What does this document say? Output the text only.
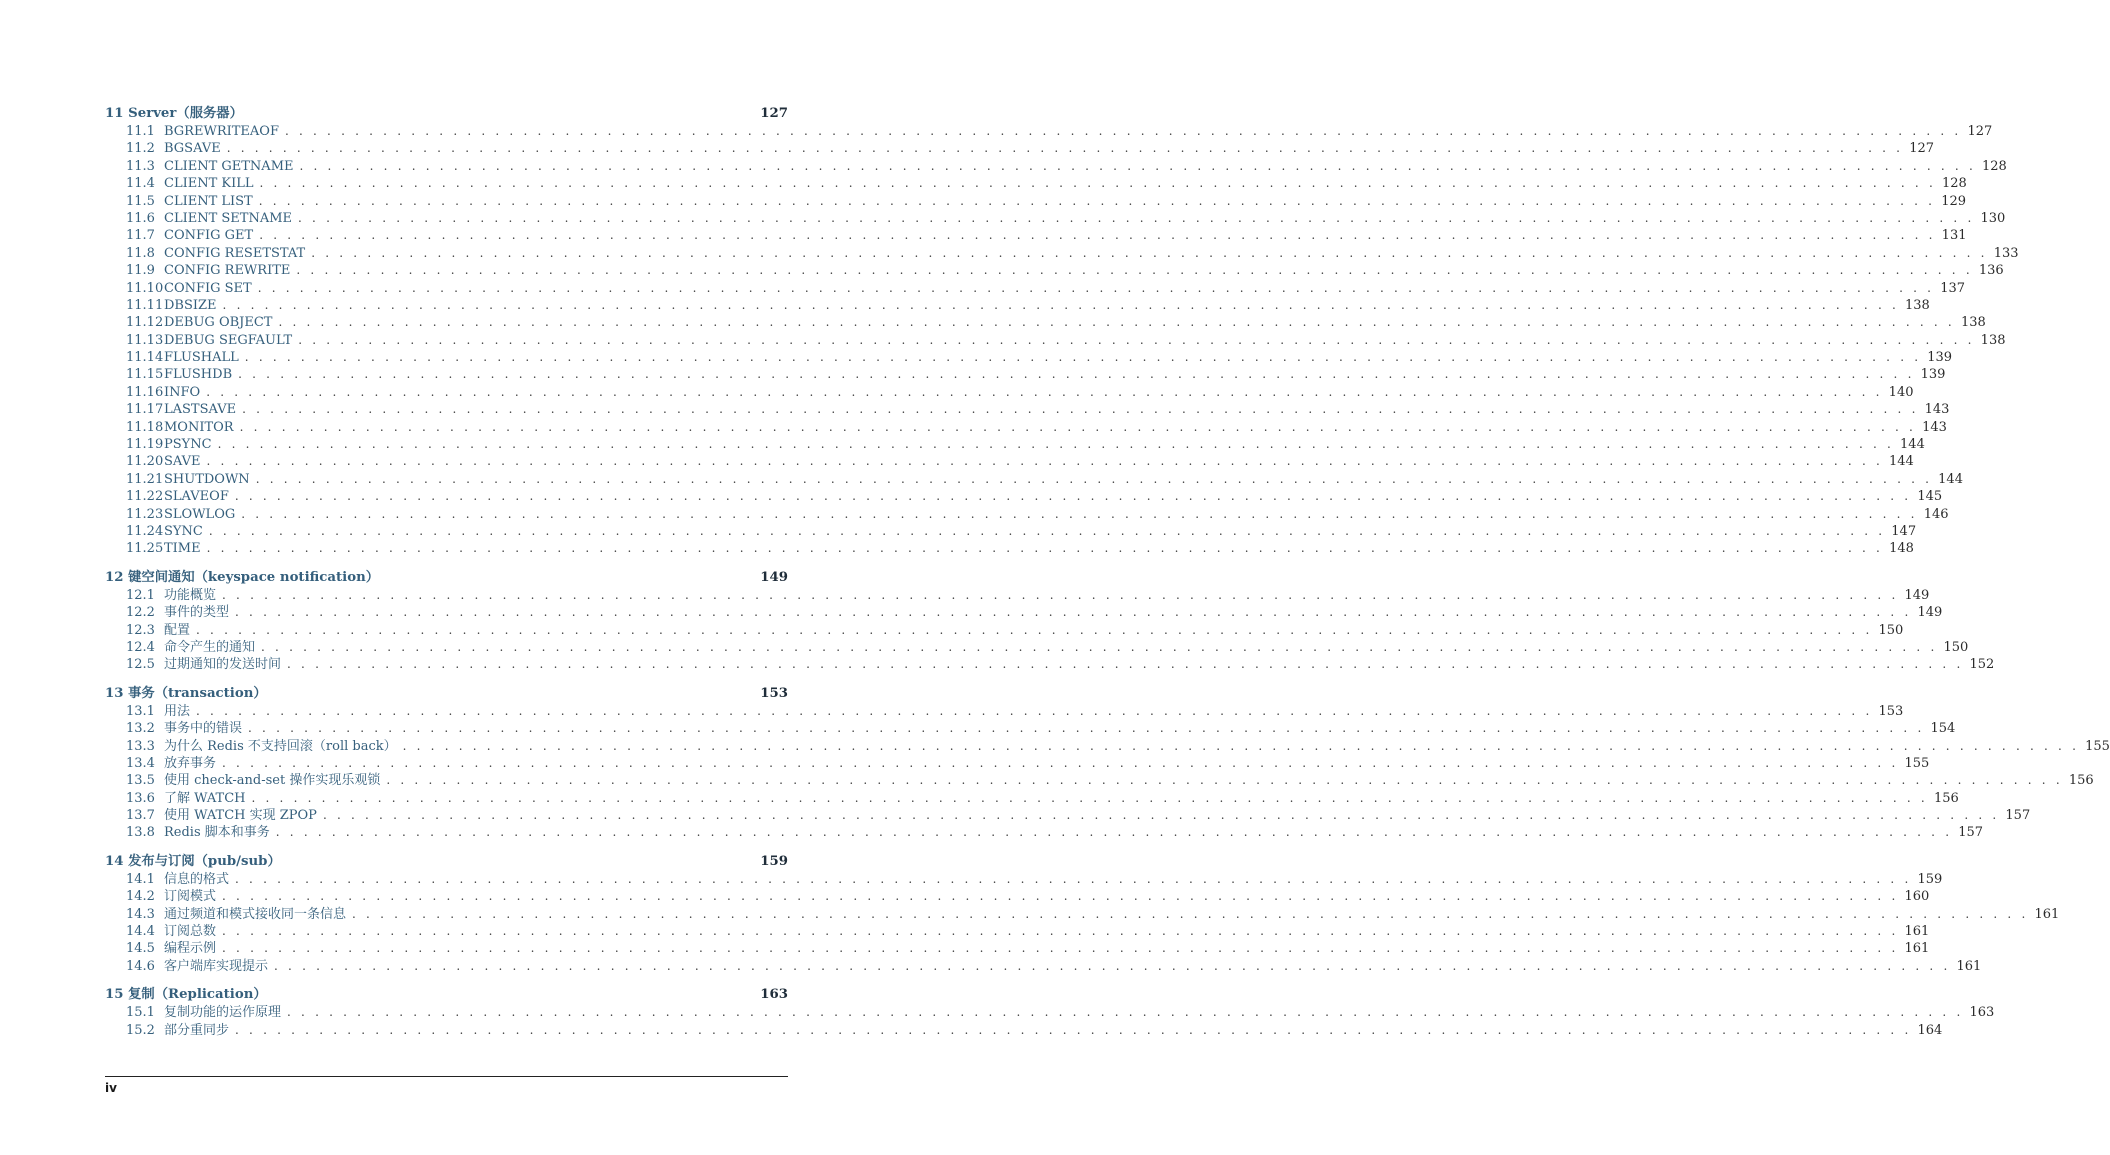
11 Server（服务器）	127
11.1 BGREWRITEAOF . . . . . . . . . . . . . . . . . . . . . . . . . . . . . . . . . . . . . . . . . . . . . . . . . . . . . . . . . . . . . . . . . . . . . . . . . . . . . . . . . . . . . . . . . . . . . . . . . . . . . . . . . . . . . . . . . . . . . . . . 127
11.2 BGSAVE . . . . . . . . . . . . . . . . . . . . . . . . . . . . . . . . . . . . . . . . . . . . . . . . . . . . . . . . . . . . . . . . . . . . . . . . . . . . . . . . . . . . . . . . . . . . . . . . . . . . . . . . . . . . . . . . . . . . . . . . 127
11.3 CLIENT GETNAME . . . . . . . . . . . . . . . . . . . . . . . . . . . . . . . . . . . . . . . . . . . . . . . . . . . . . . . . . . . . . . . . . . . . . . . . . . . . . . . . . . . . . . . . . . . . . . . . . . . . . . . . . . . . . . . . . . . . . . . . 128
11.4 CLIENT KILL . . . . . . . . . . . . . . . . . . . . . . . . . . . . . . . . . . . . . . . . . . . . . . . . . . . . . . . . . . . . . . . . . . . . . . . . . . . . . . . . . . . . . . . . . . . . . . . . . . . . . . . . . . . . . . . . . . . . . . . . 128
11.5 CLIENT LIST . . . . . . . . . . . . . . . . . . . . . . . . . . . . . . . . . . . . . . . . . . . . . . . . . . . . . . . . . . . . . . . . . . . . . . . . . . . . . . . . . . . . . . . . . . . . . . . . . . . . . . . . . . . . . . . . . . . . . . . . 129
11.6 CLIENT SETNAME . . . . . . . . . . . . . . . . . . . . . . . . . . . . . . . . . . . . . . . . . . . . . . . . . . . . . . . . . . . . . . . . . . . . . . . . . . . . . . . . . . . . . . . . . . . . . . . . . . . . . . . . . . . . . . . . . . . . . . . . 130
11.7 CONFIG GET . . . . . . . . . . . . . . . . . . . . . . . . . . . . . . . . . . . . . . . . . . . . . . . . . . . . . . . . . . . . . . . . . . . . . . . . . . . . . . . . . . . . . . . . . . . . . . . . . . . . . . . . . . . . . . . . . . . . . . . . 131
11.8 CONFIG RESETSTAT . . . . . . . . . . . . . . . . . . . . . . . . . . . . . . . . . . . . . . . . . . . . . . . . . . . . . . . . . . . . . . . . . . . . . . . . . . . . . . . . . . . . . . . . . . . . . . . . . . . . . . . . . . . . . . . . . . . . . . . . 133
11.9 CONFIG REWRITE . . . . . . . . . . . . . . . . . . . . . . . . . . . . . . . . . . . . . . . . . . . . . . . . . . . . . . . . . . . . . . . . . . . . . . . . . . . . . . . . . . . . . . . . . . . . . . . . . . . . . . . . . . . . . . . . . . . . . . . . 136
11.10 CONFIG SET . . . . . . . . . . . . . . . . . . . . . . . . . . . . . . . . . . . . . . . . . . . . . . . . . . . . . . . . . . . . . . . . . . . . . . . . . . . . . . . . . . . . . . . . . . . . . . . . . . . . . . . . . . . . . . . . . . . . . . . . 137
11.11 DBSIZE . . . . . . . . . . . . . . . . . . . . . . . . . . . . . . . . . . . . . . . . . . . . . . . . . . . . . . . . . . . . . . . . . . . . . . . . . . . . . . . . . . . . . . . . . . . . . . . . . . . . . . . . . . . . . . . . . . . . . . . . 138
11.12 DEBUG OBJECT . . . . . . . . . . . . . . . . . . . . . . . . . . . . . . . . . . . . . . . . . . . . . . . . . . . . . . . . . . . . . . . . . . . . . . . . . . . . . . . . . . . . . . . . . . . . . . . . . . . . . . . . . . . . . . . . . . . . . . . . 138
11.13 DEBUG SEGFAULT . . . . . . . . . . . . . . . . . . . . . . . . . . . . . . . . . . . . . . . . . . . . . . . . . . . . . . . . . . . . . . . . . . . . . . . . . . . . . . . . . . . . . . . . . . . . . . . . . . . . . . . . . . . . . . . . . . . . . . . . 138
11.14 FLUSHALL . . . . . . . . . . . . . . . . . . . . . . . . . . . . . . . . . . . . . . . . . . . . . . . . . . . . . . . . . . . . . . . . . . . . . . . . . . . . . . . . . . . . . . . . . . . . . . . . . . . . . . . . . . . . . . . . . . . . . . . . 139
11.15 FLUSHDB . . . . . . . . . . . . . . . . . . . . . . . . . . . . . . . . . . . . . . . . . . . . . . . . . . . . . . . . . . . . . . . . . . . . . . . . . . . . . . . . . . . . . . . . . . . . . . . . . . . . . . . . . . . . . . . . . . . . . . . . 139
11.16 INFO . . . . . . . . . . . . . . . . . . . . . . . . . . . . . . . . . . . . . . . . . . . . . . . . . . . . . . . . . . . . . . . . . . . . . . . . . . . . . . . . . . . . . . . . . . . . . . . . . . . . . . . . . . . . . . . . . . . . . . . . 140
11.17 LASTSAVE . . . . . . . . . . . . . . . . . . . . . . . . . . . . . . . . . . . . . . . . . . . . . . . . . . . . . . . . . . . . . . . . . . . . . . . . . . . . . . . . . . . . . . . . . . . . . . . . . . . . . . . . . . . . . . . . . . . . . . . . 143
11.18 MONITOR . . . . . . . . . . . . . . . . . . . . . . . . . . . . . . . . . . . . . . . . . . . . . . . . . . . . . . . . . . . . . . . . . . . . . . . . . . . . . . . . . . . . . . . . . . . . . . . . . . . . . . . . . . . . . . . . . . . . . . . . 143
11.19 PSYNC . . . . . . . . . . . . . . . . . . . . . . . . . . . . . . . . . . . . . . . . . . . . . . . . . . . . . . . . . . . . . . . . . . . . . . . . . . . . . . . . . . . . . . . . . . . . . . . . . . . . . . . . . . . . . . . . . . . . . . . . 144
11.20 SAVE . . . . . . . . . . . . . . . . . . . . . . . . . . . . . . . . . . . . . . . . . . . . . . . . . . . . . . . . . . . . . . . . . . . . . . . . . . . . . . . . . . . . . . . . . . . . . . . . . . . . . . . . . . . . . . . . . . . . . . . . 144
11.21 SHUTDOWN . . . . . . . . . . . . . . . . . . . . . . . . . . . . . . . . . . . . . . . . . . . . . . . . . . . . . . . . . . . . . . . . . . . . . . . . . . . . . . . . . . . . . . . . . . . . . . . . . . . . . . . . . . . . . . . . . . . . . . . . 144
11.22 SLAVEOF . . . . . . . . . . . . . . . . . . . . . . . . . . . . . . . . . . . . . . . . . . . . . . . . . . . . . . . . . . . . . . . . . . . . . . . . . . . . . . . . . . . . . . . . . . . . . . . . . . . . . . . . . . . . . . . . . . . . . . . . 145
11.23 SLOWLOG . . . . . . . . . . . . . . . . . . . . . . . . . . . . . . . . . . . . . . . . . . . . . . . . . . . . . . . . . . . . . . . . . . . . . . . . . . . . . . . . . . . . . . . . . . . . . . . . . . . . . . . . . . . . . . . . . . . . . . . . 146
11.24 SYNC . . . . . . . . . . . . . . . . . . . . . . . . . . . . . . . . . . . . . . . . . . . . . . . . . . . . . . . . . . . . . . . . . . . . . . . . . . . . . . . . . . . . . . . . . . . . . . . . . . . . . . . . . . . . . . . . . . . . . . . . 147
11.25 TIME . . . . . . . . . . . . . . . . . . . . . . . . . . . . . . . . . . . . . . . . . . . . . . . . . . . . . . . . . . . . . . . . . . . . . . . . . . . . . . . . . . . . . . . . . . . . . . . . . . . . . . . . . . . . . . . . . . . . . . . . 148
12 键空间通知（keyspace notification）	149
12.1 功能概览 . . . . . . . . . . . . . . . . . . . . . . . . . . . . . . . . . . . . . . . . . . . . . . . . . . . . . . . . . . . . . . . . . . . . . . . . . . . . . . . . . . . . . . . . . . . . . . . . . . . . . . . . . . . . . . . . . . . . . . . . 149
12.2 事件的类型 . . . . . . . . . . . . . . . . . . . . . . . . . . . . . . . . . . . . . . . . . . . . . . . . . . . . . . . . . . . . . . . . . . . . . . . . . . . . . . . . . . . . . . . . . . . . . . . . . . . . . . . . . . . . . . . . . . . . . . . . 149
12.3 配置 . . . . . . . . . . . . . . . . . . . . . . . . . . . . . . . . . . . . . . . . . . . . . . . . . . . . . . . . . . . . . . . . . . . . . . . . . . . . . . . . . . . . . . . . . . . . . . . . . . . . . . . . . . . . . . . . . . . . . . . . 150
12.4 命令产生的通知 . . . . . . . . . . . . . . . . . . . . . . . . . . . . . . . . . . . . . . . . . . . . . . . . . . . . . . . . . . . . . . . . . . . . . . . . . . . . . . . . . . . . . . . . . . . . . . . . . . . . . . . . . . . . . . . . . . . . . . . . 150
12.5 过期通知的发送时间 . . . . . . . . . . . . . . . . . . . . . . . . . . . . . . . . . . . . . . . . . . . . . . . . . . . . . . . . . . . . . . . . . . . . . . . . . . . . . . . . . . . . . . . . . . . . . . . . . . . . . . . . . . . . . . . . . . . . . . . . 152
13 事务（transaction）	153
13.1 用法 . . . . . . . . . . . . . . . . . . . . . . . . . . . . . . . . . . . . . . . . . . . . . . . . . . . . . . . . . . . . . . . . . . . . . . . . . . . . . . . . . . . . . . . . . . . . . . . . . . . . . . . . . . . . . . . . . . . . . . . . 153
13.2 事务中的错误 . . . . . . . . . . . . . . . . . . . . . . . . . . . . . . . . . . . . . . . . . . . . . . . . . . . . . . . . . . . . . . . . . . . . . . . . . . . . . . . . . . . . . . . . . . . . . . . . . . . . . . . . . . . . . . . . . . . . . . . . 154
13.3 为什么 Redis 不支持回滚（roll back） . . . . . . . . . . . . . . . . . . . . . . . . . . . . . . . . . . . . . . . . . . . . . . . . . . . . . . . . . . . . . . . . . . . . . . . . . . . . . . . . . . . . . . . . . . . . . . . . . . . . . . . . . . . . . . . . . . . . . . . . 155
13.4 放弃事务 . . . . . . . . . . . . . . . . . . . . . . . . . . . . . . . . . . . . . . . . . . . . . . . . . . . . . . . . . . . . . . . . . . . . . . . . . . . . . . . . . . . . . . . . . . . . . . . . . . . . . . . . . . . . . . . . . . . . . . . . 155
13.5 使用 check-and-set 操作实现乐观锁 . . . . . . . . . . . . . . . . . . . . . . . . . . . . . . . . . . . . . . . . . . . . . . . . . . . . . . . . . . . . . . . . . . . . . . . . . . . . . . . . . . . . . . . . . . . . . . . . . . . . . . . . . . . . . . . . . . . . . . . . 156
13.6 了解 WATCH . . . . . . . . . . . . . . . . . . . . . . . . . . . . . . . . . . . . . . . . . . . . . . . . . . . . . . . . . . . . . . . . . . . . . . . . . . . . . . . . . . . . . . . . . . . . . . . . . . . . . . . . . . . . . . . . . . . . . . . . 156
13.7 使用 WATCH 实现 ZPOP . . . . . . . . . . . . . . . . . . . . . . . . . . . . . . . . . . . . . . . . . . . . . . . . . . . . . . . . . . . . . . . . . . . . . . . . . . . . . . . . . . . . . . . . . . . . . . . . . . . . . . . . . . . . . . . . . . . . . . . . 157
13.8 Redis 脚本和事务 . . . . . . . . . . . . . . . . . . . . . . . . . . . . . . . . . . . . . . . . . . . . . . . . . . . . . . . . . . . . . . . . . . . . . . . . . . . . . . . . . . . . . . . . . . . . . . . . . . . . . . . . . . . . . . . . . . . . . . . . 157
14 发布与订阅（pub/sub）	159
14.1 信息的格式 . . . . . . . . . . . . . . . . . . . . . . . . . . . . . . . . . . . . . . . . . . . . . . . . . . . . . . . . . . . . . . . . . . . . . . . . . . . . . . . . . . . . . . . . . . . . . . . . . . . . . . . . . . . . . . . . . . . . . . . . 159
14.2 订阅模式 . . . . . . . . . . . . . . . . . . . . . . . . . . . . . . . . . . . . . . . . . . . . . . . . . . . . . . . . . . . . . . . . . . . . . . . . . . . . . . . . . . . . . . . . . . . . . . . . . . . . . . . . . . . . . . . . . . . . . . . . 160
14.3 通过频道和模式接收同一条信息 . . . . . . . . . . . . . . . . . . . . . . . . . . . . . . . . . . . . . . . . . . . . . . . . . . . . . . . . . . . . . . . . . . . . . . . . . . . . . . . . . . . . . . . . . . . . . . . . . . . . . . . . . . . . . . . . . . . . . . . . 161
14.4 订阅总数 . . . . . . . . . . . . . . . . . . . . . . . . . . . . . . . . . . . . . . . . . . . . . . . . . . . . . . . . . . . . . . . . . . . . . . . . . . . . . . . . . . . . . . . . . . . . . . . . . . . . . . . . . . . . . . . . . . . . . . . . 161
14.5 编程示例 . . . . . . . . . . . . . . . . . . . . . . . . . . . . . . . . . . . . . . . . . . . . . . . . . . . . . . . . . . . . . . . . . . . . . . . . . . . . . . . . . . . . . . . . . . . . . . . . . . . . . . . . . . . . . . . . . . . . . . . . 161
14.6 客户端库实现提示 . . . . . . . . . . . . . . . . . . . . . . . . . . . . . . . . . . . . . . . . . . . . . . . . . . . . . . . . . . . . . . . . . . . . . . . . . . . . . . . . . . . . . . . . . . . . . . . . . . . . . . . . . . . . . . . . . . . . . . . . 161
15 复制（Replication）	163
15.1 复制功能的运作原理 . . . . . . . . . . . . . . . . . . . . . . . . . . . . . . . . . . . . . . . . . . . . . . . . . . . . . . . . . . . . . . . . . . . . . . . . . . . . . . . . . . . . . . . . . . . . . . . . . . . . . . . . . . . . . . . . . . . . . . . . 163
15.2 部分重同步 . . . . . . . . . . . . . . . . . . . . . . . . . . . . . . . . . . . . . . . . . . . . . . . . . . . . . . . . . . . . . . . . . . . . . . . . . . . . . . . . . . . . . . . . . . . . . . . . . . . . . . . . . . . . . . . . . . . . . . . . 164
iv
